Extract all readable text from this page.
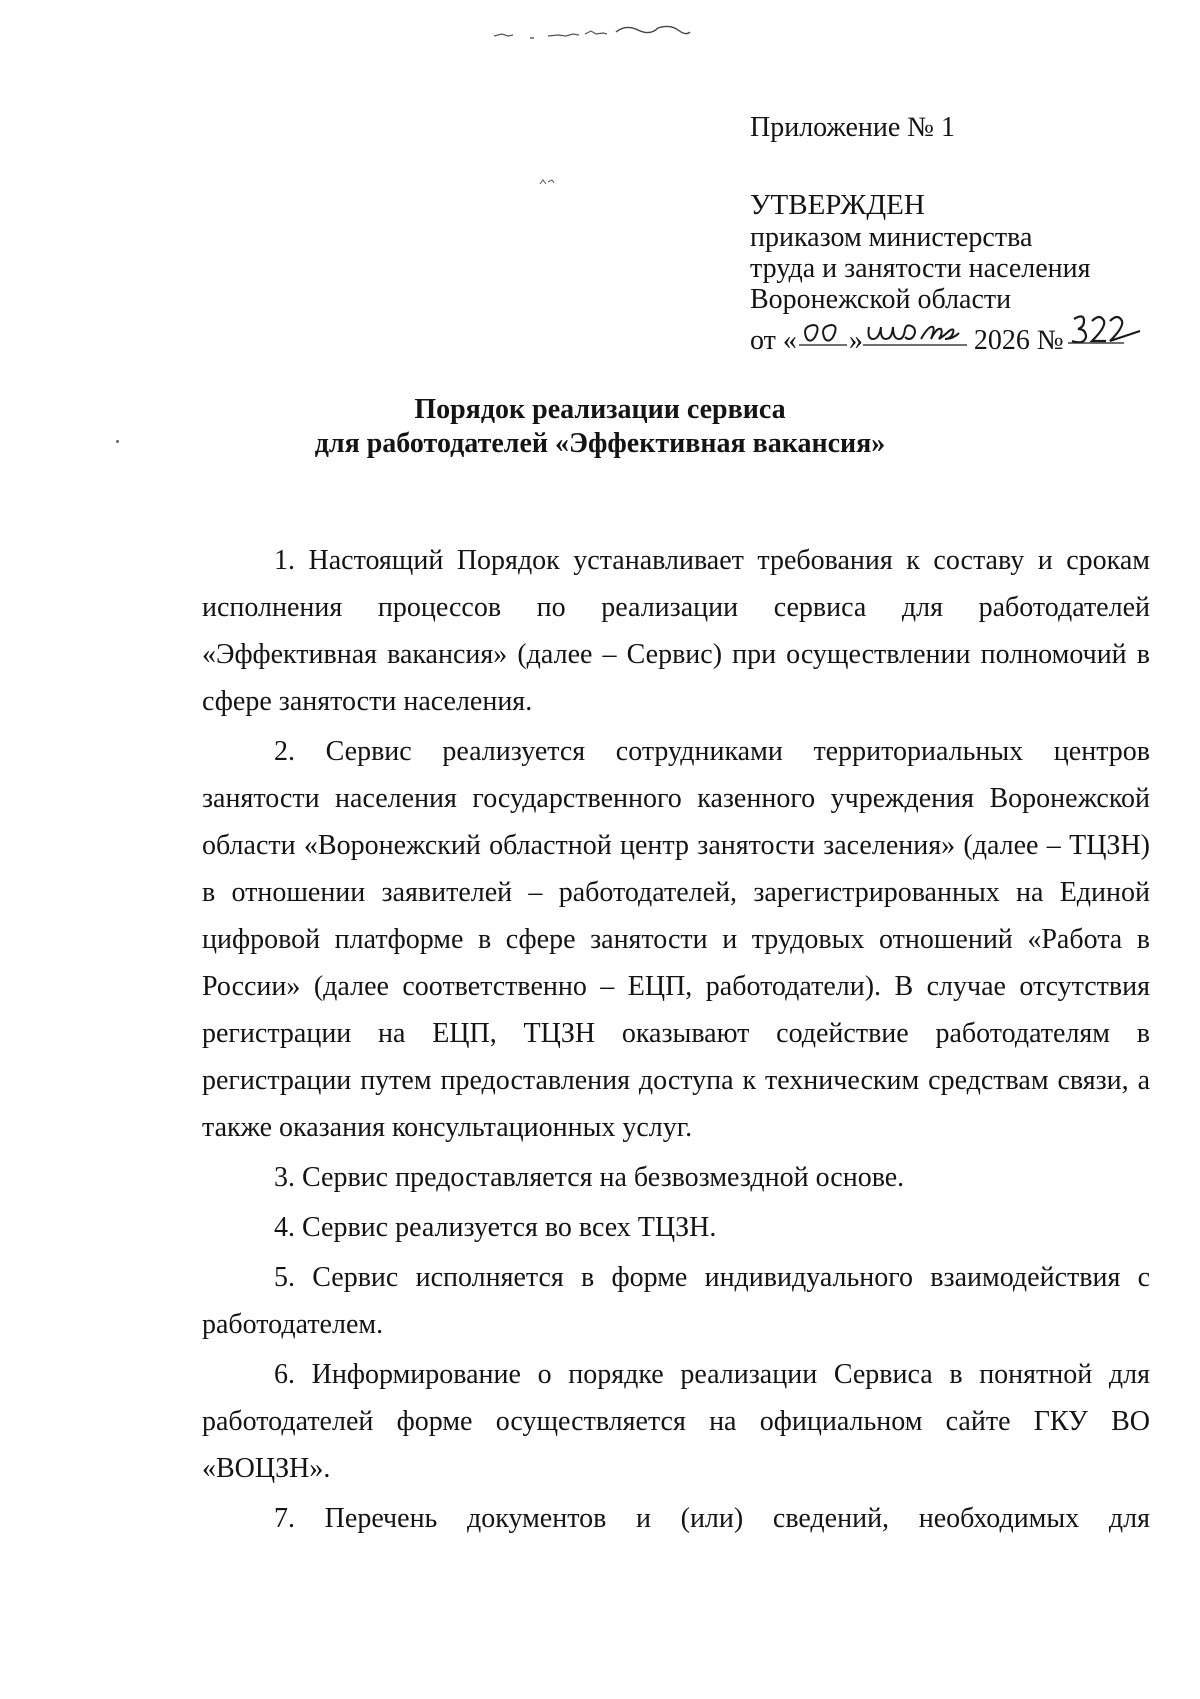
Приложение № 1
УТВЕРЖДЕН
приказом министерства
труда и занятости населения
Воронежской области
от « »	2026 №
Порядок реализации сервиса
для работодателей «Эффективная вакансия»

1. Настоящий Порядок устанавливает требования к составу и срокам исполнения процессов по реализации сервиса для работодателей «Эффективная вакансия» (далее – Сервис) при осуществлении полномочий в сфере занятости населения.

2. Сервис реализуется сотрудниками территориальных центров занятости населения государственного казенного учреждения Воронежской области «Воронежский областной центр занятости заселения» (далее – ТЦЗН) в отношении заявителей – работодателей, зарегистрированных на Единой цифровой платформе в сфере занятости и трудовых отношений «Работа в России» (далее соответственно – ЕЦП, работодатели). В случае отсутствия регистрации на ЕЦП, ТЦЗН оказывают содействие работодателям в регистрации путем предоставления доступа к техническим средствам связи, а также оказания консультационных услуг.

3. Сервис предоставляется на безвозмездной основе.

4. Сервис реализуется во всех ТЦЗН.

5. Сервис исполняется в форме индивидуального взаимодействия с работодателем.

6. Информирование о порядке реализации Сервиса в понятной для работодателей форме осуществляется на официальном сайте ГКУ ВО «ВОЦЗН».

7. Перечень документов и (или) сведений, необходимых для
